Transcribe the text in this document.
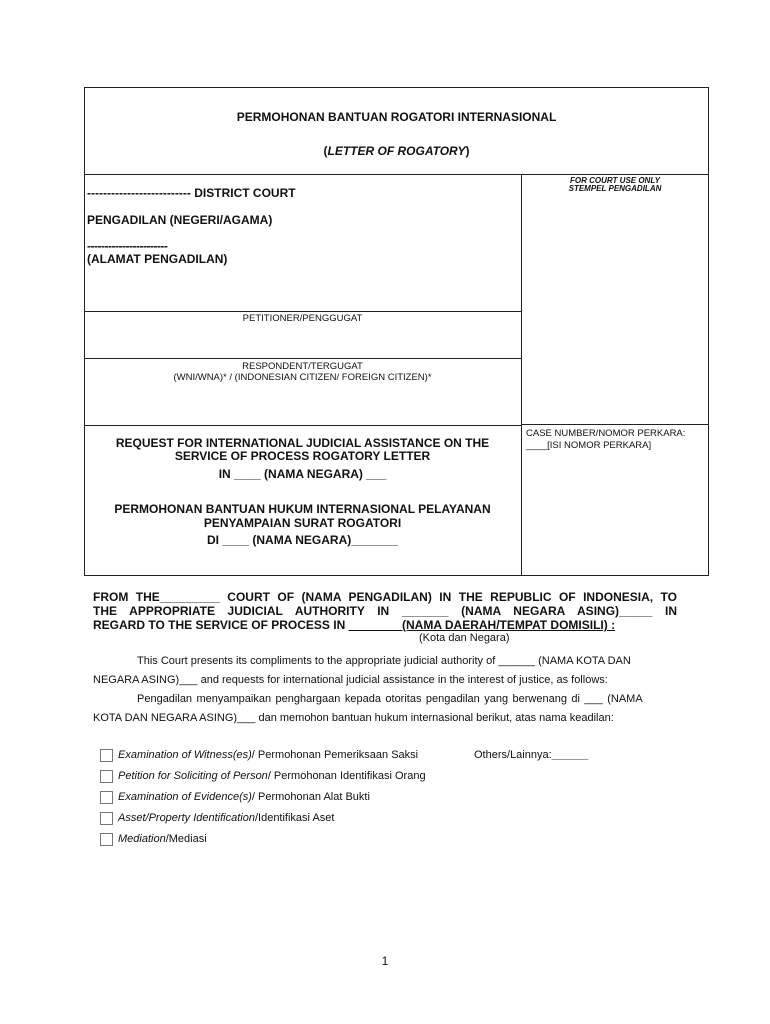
PERMOHONAN BANTUAN ROGATORI INTERNASIONAL
(LETTER OF ROGATORY)
-------------------------- DISTRICT COURT
PENGADILAN (NEGERI/AGAMA)
-----------------------
(ALAMAT PENGADILAN)
FOR COURT USE ONLY
STEMPEL PENGADILAN
PETITIONER/PENGGUGAT
RESPONDENT/TERGUGAT
(WNI/WNA)* / (INDONESIAN CITIZEN/ FOREIGN CITIZEN)*
REQUEST FOR INTERNATIONAL JUDICIAL ASSISTANCE ON THE
SERVICE OF PROCESS ROGATORY LETTER
IN ____ (NAMA NEGARA) ___
PERMOHONAN BANTUAN HUKUM INTERNASIONAL PELAYANAN
PENYAMPAIAN SURAT ROGATORI
DI ____ (NAMA NEGARA)_______
CASE NUMBER/NOMOR PERKARA:
____[ISI NOMOR PERKARA]
FROM THE_________ COURT OF (NAMA PENGADILAN) IN THE REPUBLIC OF INDONESIA, TO
THE APPROPRIATE JUDICIAL AUTHORITY IN _______ (NAMA NEGARA ASING)_____ IN
REGARD TO THE SERVICE OF PROCESS IN ________(NAMA DAERAH/TEMPAT DOMISILI) :
(Kota dan Negara)
This Court presents its compliments to the appropriate judicial authority of ______ (NAMA KOTA DAN
NEGARA ASING)___ and requests for international judicial assistance in the interest of justice, as follows:
Pengadilan menyampaikan penghargaan kepada otoritas pengadilan yang berwenang di ___ (NAMA
KOTA DAN NEGARA ASING)___ dan memohon bantuan hukum internasional berikut, atas nama keadilan:
Examination of Witness(es)/ Permohonan Pemeriksaan Saksi
Petition for Soliciting of Person/ Permohonan Identifikasi Orang
Examination of Evidence(s)/ Permohonan Alat Bukti
Asset/Property Identification/Identifikasi Aset
Mediation/Mediasi
Others/Lainnya:______
1
